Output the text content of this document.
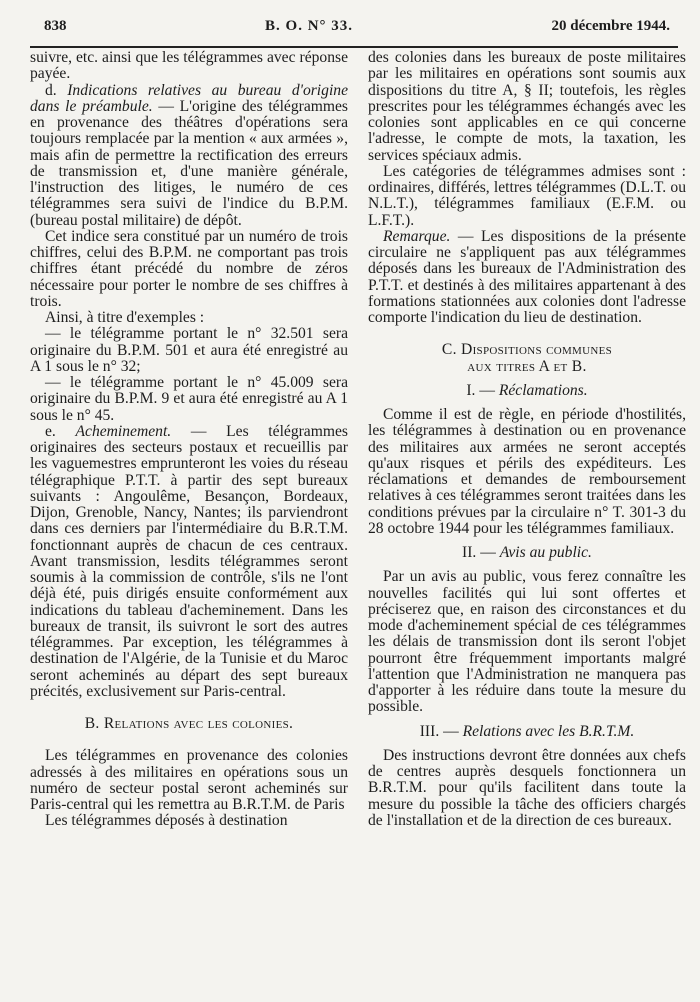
838	B. O. N° 33.	20 décembre 1944.

suivre, etc. ainsi que les télégrammes avec réponse payée.

d. Indications relatives au bureau d'origine dans le préambule. — L'origine des télégrammes en provenance des théâtres d'opérations sera toujours remplacée par la mention « aux armées », mais afin de permettre la rectification des erreurs de transmission et, d'une manière générale, l'instruction des litiges, le numéro de ces télégrammes sera suivi de l'indice du B.P.M. (bureau postal militaire) de dépôt.

Cet indice sera constitué par un numéro de trois chiffres, celui des B.P.M. ne comportant pas trois chiffres étant précédé du nombre de zéros nécessaire pour porter le nombre de ses chiffres à trois.

Ainsi, à titre d'exemples :

— le télégramme portant le n° 32.501 sera originaire du B.P.M. 501 et aura été enregistré au A 1 sous le n° 32;

— le télégramme portant le n° 45.009 sera originaire du B.P.M. 9 et aura été enregistré au A 1 sous le n° 45.

e. Acheminement. — Les télégrammes originaires des secteurs postaux et recueillis par les vaguemestres emprunteront les voies du réseau télégraphique P.T.T. à partir des sept bureaux suivants : Angoulême, Besançon, Bordeaux, Dijon, Grenoble, Nancy, Nantes; ils parviendront dans ces derniers par l'intermédiaire du B.R.T.M. fonctionnant auprès de chacun de ces centraux. Avant transmission, lesdits télégrammes seront soumis à la commission de contrôle, s'ils ne l'ont déjà été, puis dirigés ensuite conformément aux indications du tableau d'acheminement. Dans les bureaux de transit, ils suivront le sort des autres télégrammes. Par exception, les télégrammes à destination de l'Algérie, de la Tunisie et du Maroc seront acheminés au départ des sept bureaux précités, exclusivement sur Paris-central.

B. Relations avec les colonies.

Les télégrammes en provenance des colonies adressés à des militaires en opérations sous un numéro de secteur postal seront acheminés sur Paris-central qui les remettra au B.R.T.M. de Paris

Les télégrammes déposés à destination

des colonies dans les bureaux de poste militaires par les militaires en opérations sont soumis aux dispositions du titre A, § II; toutefois, les règles prescrites pour les télégrammes échangés avec les colonies sont applicables en ce qui concerne l'adresse, le compte de mots, la taxation, les services spéciaux admis.

Les catégories de télégrammes admises sont : ordinaires, différés, lettres télégrammes (D.L.T. ou N.L.T.), télégrammes familiaux (E.F.M. ou L.F.T.).

Remarque. — Les dispositions de la présente circulaire ne s'appliquent pas aux télégrammes déposés dans les bureaux de l'Administration des P.T.T. et destinés à des militaires appartenant à des formations stationnées aux colonies dont l'adresse comporte l'indication du lieu de destination.

C. Dispositions communes

aux titres A et B.

I. — Réclamations.

Comme il est de règle, en période d'hostilités, les télégrammes à destination ou en provenance des militaires aux armées ne seront acceptés qu'aux risques et périls des expéditeurs. Les réclamations et demandes de remboursement relatives à ces télégrammes seront traitées dans les conditions prévues par la circulaire n° T. 301-3 du 28 octobre 1944 pour les télégrammes familiaux.

II. — Avis au public.

Par un avis au public, vous ferez connaître les nouvelles facilités qui lui sont offertes et préciserez que, en raison des circonstances et du mode d'acheminement spécial de ces télégrammes les délais de transmission dont ils seront l'objet pourront être fréquemment importants malgré l'attention que l'Administration ne manquera pas d'apporter à les réduire dans toute la mesure du possible.

III. — Relations avec les B.R.T.M.

Des instructions devront être données aux chefs de centres auprès desquels fonctionnera un B.R.T.M. pour qu'ils facilitent dans toute la mesure du possible la tâche des officiers chargés de l'installation et de la direction de ces bureaux.
